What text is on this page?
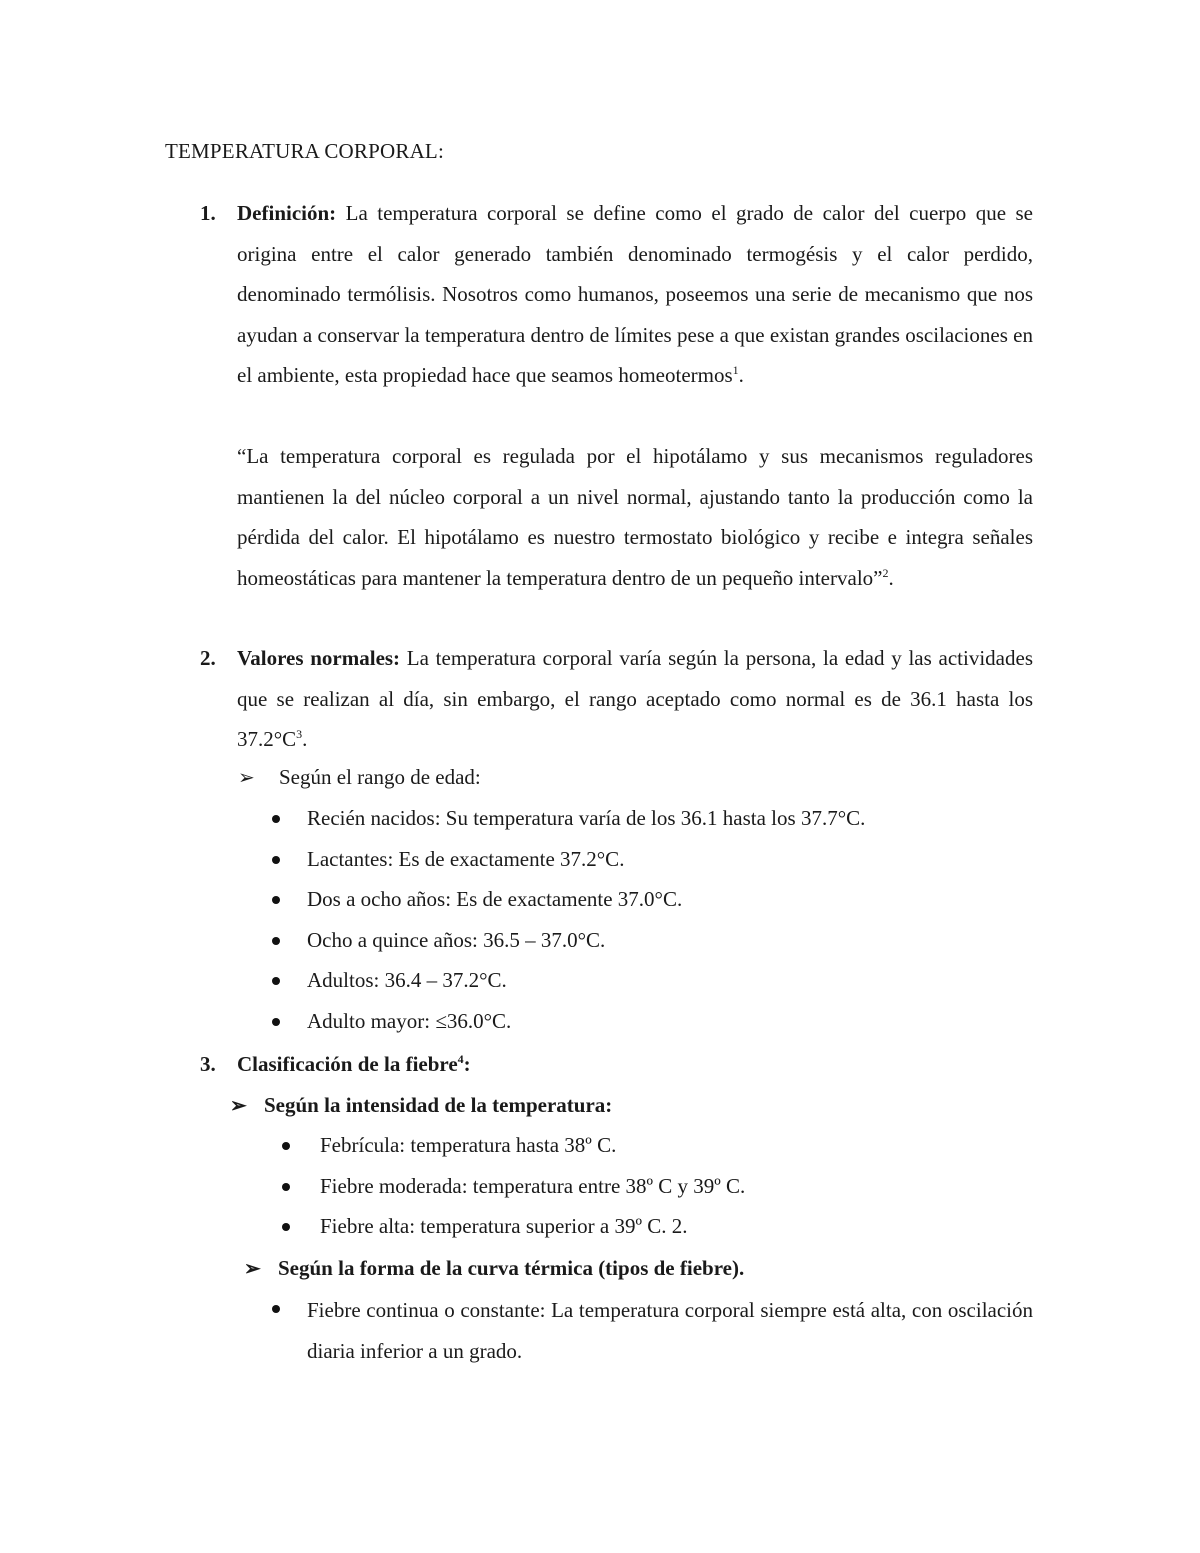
TEMPERATURA CORPORAL:
1. Definición: La temperatura corporal se define como el grado de calor del cuerpo que se origina entre el calor generado también denominado termogésis y el calor perdido, denominado termólisis. Nosotros como humanos, poseemos una serie de mecanismo que nos ayudan a conservar la temperatura dentro de límites pese a que existan grandes oscilaciones en el ambiente, esta propiedad hace que seamos homeotermos$^1$.
“La temperatura corporal es regulada por el hipotálamo y sus mecanismos reguladores mantienen la del núcleo corporal a un nivel normal, ajustando tanto la producción como la pérdida del calor. El hipotálamo es nuestro termostato biológico y recibe e integra señales homeostáticas para mantener la temperatura dentro de un pequeño intervalo”$^2$.
2. Valores normales: La temperatura corporal varía según la persona, la edad y las actividades que se realizan al día, sin embargo, el rango aceptado como normal es de 36.1 hasta los $37.2^\circ C^3$.
➢ Según el rango de edad:
Recién nacidos: Su temperatura varía de los 36.1 hasta los 37.7°C.
Lactantes: Es de exactamente 37.2°C.
Dos a ocho años: Es de exactamente 37.0°C.
Ocho a quince años: 36.5 – 37.0°C.
Adultos: 36.4 – 37.2°C.
Adulto mayor: ≤36.0°C.
3. Clasificación de la fiebre$^4$:
➢ Según la intensidad de la temperatura:
Febrícula: temperatura hasta 38º C.
Fiebre moderada: temperatura entre 38º C y 39º C.
Fiebre alta: temperatura superior a 39º C. 2.
➢ Según la forma de la curva térmica (tipos de fiebre).
Fiebre continua o constante: La temperatura corporal siempre está alta, con oscilación diaria inferior a un grado.
